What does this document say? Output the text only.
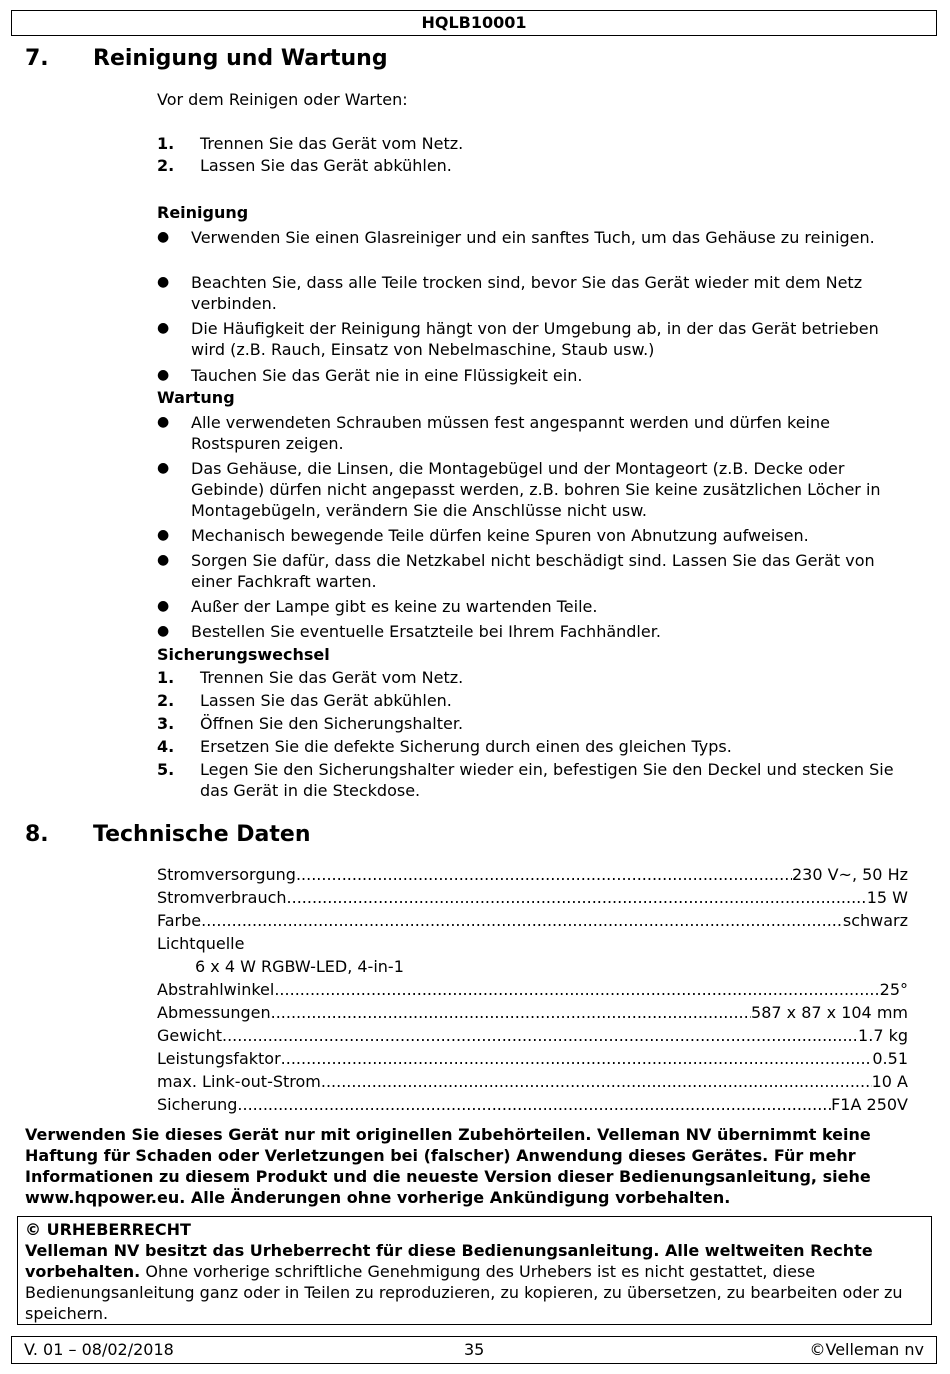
HQLB10001
7. Reinigung und Wartung
Vor dem Reinigen oder Warten:
1. Trennen Sie das Gerät vom Netz.
2. Lassen Sie das Gerät abkühlen.
Reinigung
● Verwenden Sie einen Glasreiniger und ein sanftes Tuch, um das Gehäuse zu reinigen.
● Beachten Sie, dass alle Teile trocken sind, bevor Sie das Gerät wieder mit dem Netz verbinden.
● Die Häufigkeit der Reinigung hängt von der Umgebung ab, in der das Gerät betrieben wird (z.B. Rauch, Einsatz von Nebelmaschine, Staub usw.)
● Tauchen Sie das Gerät nie in eine Flüssigkeit ein.
Wartung
● Alle verwendeten Schrauben müssen fest angespannt werden und dürfen keine Rostspuren zeigen.
● Das Gehäuse, die Linsen, die Montagebügel und der Montageort (z.B. Decke oder Gebinde) dürfen nicht angepasst werden, z.B. bohren Sie keine zusätzlichen Löcher in Montagebügeln, verändern Sie die Anschlüsse nicht usw.
● Mechanisch bewegende Teile dürfen keine Spuren von Abnutzung aufweisen.
● Sorgen Sie dafür, dass die Netzkabel nicht beschädigt sind. Lassen Sie das Gerät von einer Fachkraft warten.
● Außer der Lampe gibt es keine zu wartenden Teile.
● Bestellen Sie eventuelle Ersatzteile bei Ihrem Fachhändler.
Sicherungswechsel
1. Trennen Sie das Gerät vom Netz.
2. Lassen Sie das Gerät abkühlen.
3. Öffnen Sie den Sicherungshalter.
4. Ersetzen Sie die defekte Sicherung durch einen des gleichen Typs.
5. Legen Sie den Sicherungshalter wieder ein, befestigen Sie den Deckel und stecken Sie das Gerät in die Steckdose.
8. Technische Daten
Stromversorgung .....	230 V~, 50 Hz
Stromverbrauch .....	15 W
Farbe .....	schwarz
Lichtquelle
6 x 4 W RGBW-LED, 4-in-1
Abstrahlwinkel .....	25°
Abmessungen .....	587 x 87 x 104 mm
Gewicht .....	1.7 kg
Leistungsfaktor .....	0.51
max. Link-out-Strom .....	10 A
Sicherung .....	F1A 250V
Verwenden Sie dieses Gerät nur mit originellen Zubehörteilen. Velleman NV übernimmt keine Haftung für Schaden oder Verletzungen bei (falscher) Anwendung dieses Gerätes. Für mehr Informationen zu diesem Produkt und die neueste Version dieser Bedienungsanleitung, siehe www.hqpower.eu. Alle Änderungen ohne vorherige Ankündigung vorbehalten.
© URHEBERRECHT
Velleman NV besitzt das Urheberrecht für diese Bedienungsanleitung. Alle weltweiten Rechte vorbehalten. Ohne vorherige schriftliche Genehmigung des Urhebers ist es nicht gestattet, diese Bedienungsanleitung ganz oder in Teilen zu reproduzieren, zu kopieren, zu übersetzen, zu bearbeiten oder zu speichern.
V. 01 – 08/02/2018	35	©Velleman nv
